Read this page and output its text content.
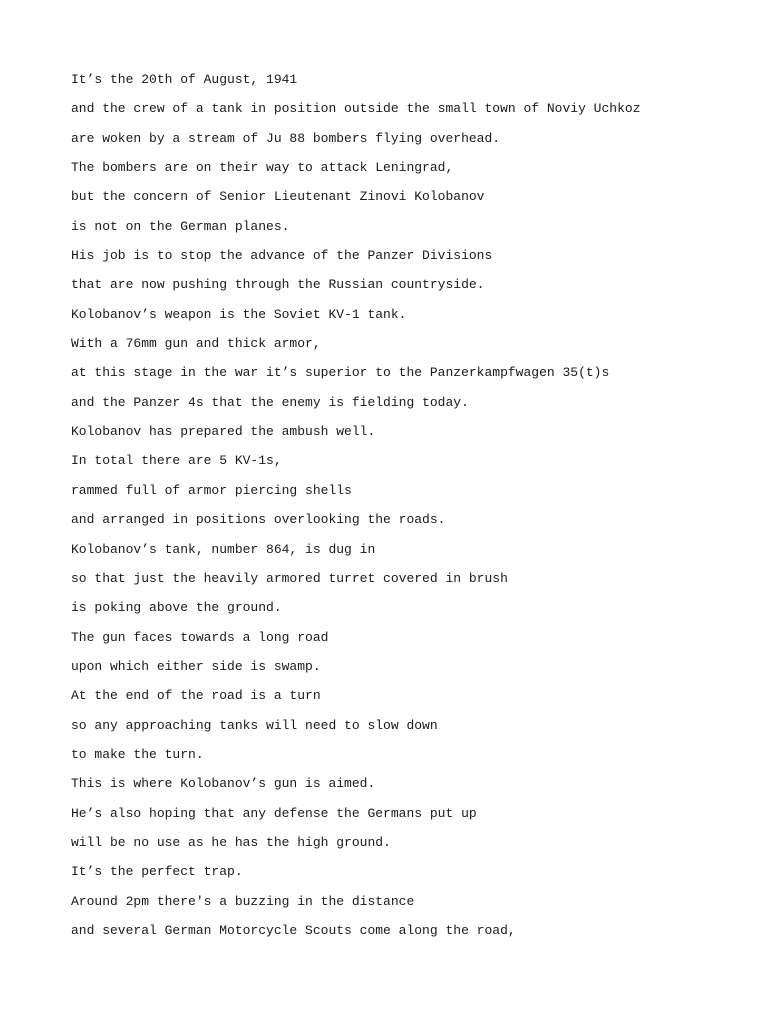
It’s the 20th of August, 1941
and the crew of a tank in position outside the small town of Noviy Uchkoz
are woken by a stream of Ju 88 bombers flying overhead.
The bombers are on their way to attack Leningrad,
but the concern of Senior Lieutenant Zinovi Kolobanov
is not on the German planes.
His job is to stop the advance of the Panzer Divisions
that are now pushing through the Russian countryside.
Kolobanov’s weapon is the Soviet KV-1 tank.
With a 76mm gun and thick armor,
at this stage in the war it’s superior to the Panzerkampfwagen 35(t)s
and the Panzer 4s that the enemy is fielding today.
Kolobanov has prepared the ambush well.
In total there are 5 KV-1s,
rammed full of armor piercing shells
and arranged in positions overlooking the roads.
Kolobanov’s tank, number 864, is dug in
so that just the heavily armored turret covered in brush
is poking above the ground.
The gun faces towards a long road
upon which either side is swamp.
At the end of the road is a turn
so any approaching tanks will need to slow down
to make the turn.
This is where Kolobanov’s gun is aimed.
He’s also hoping that any defense the Germans put up
will be no use as he has the high ground.
It’s the perfect trap.
Around 2pm there's a buzzing in the distance
and several German Motorcycle Scouts come along the road,
